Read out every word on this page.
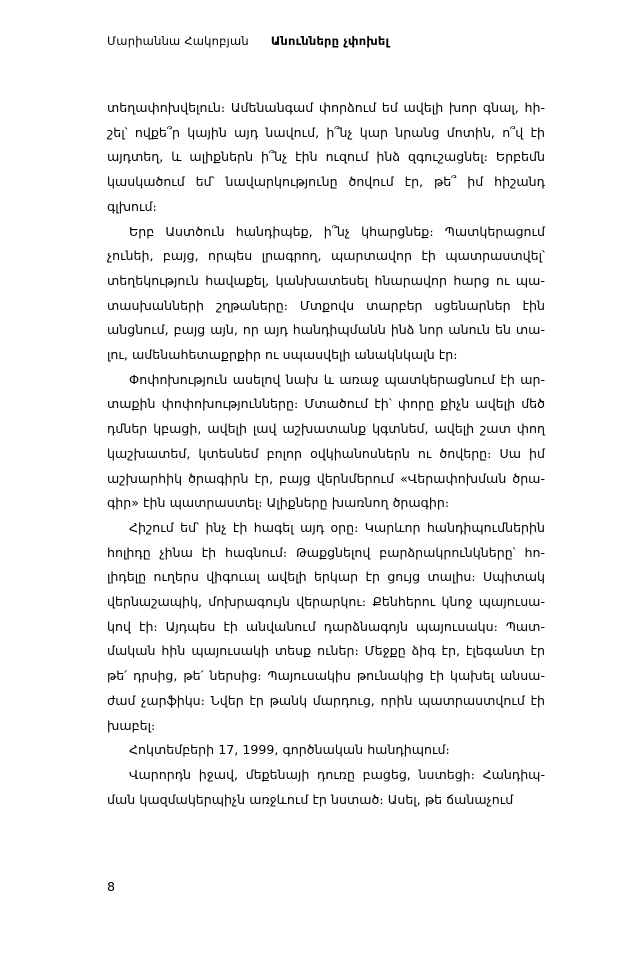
Մարիաննա Հակոբյան Անունները չփոխել

տեղափոխվելուն։ Ամենանգամ փորձում եմ ավելի խոր գնալ, հիշել՝ ովքե՞ր կային այդ նավում, ի՞նչ կար նրանց մոտին, ո՞վ էի այդտեղ, և ալիքներն ի՞նչ էին ուզում ինձ զգուշացնել։ Երբեմն կասկածում եմ՝ նավարկությունը ծովում էր, թե՞ իմ հիշանդ գլխում։

Երբ Աստծուն հանդիպեք, ի՞նչ կհարցնեք։ Պատկերացում չունեի, բայց, որպես լրագրող, պարտավոր էի պատրաստվել՝ տեղեկություն հավաքել, կանխատեսել հնարավոր հարց ու պատասխանների շղթաները։ Մտքովս տարբեր սցենարներ էին անցնում, բայց այն, որ այդ հանդիպմանն ինձ նոր անուն են տալու, ամենահետաքրքիր ու սպասվելի անակնկալն էր։

Փոփոխություն ասելով նախ և առաջ պատկերացնում էի արտաքին փոփոխությունները։ Մտածում էի՝ փորը քիչն ավելի մեծ դմներ կբացի, ավելի լավ աշխատանք կգտնեմ, ավելի շատ փող կաշխատեմ, կտեսնեմ բոլոր օվկիանոսներն ու ծովերը։ Սա իմ աշխարհիկ ծրագիրն էր, բայց վերնմերում «Վերափոխման ծրագիր» էին պատրաստել։ Ալիքները խառնող ծրագիր։

Հիշում եմ՝ ինչ էի հագել այդ օրը։ Կարևոր հանդիպումներին հոլիդը չինա էի հագնում։ Թաքցնելով բարձրակրունկները՝ հոլիդելը ուղերս վիգուալ ավելի երկար էր ցույց տալիս։ Սպիտակ վերնաշապիկ, մոխրագույն վերարկու։ Քենհերու կնոջ պայուսակով էի։ Այդպես էի անվանում դարձնագոյն պայուսակս։ Պատմական հին պայուսակի տեսք ուներ։ Մեջքը ձիգ էր, էլեգանտ էր թե՛ դրսից, թե՛ ներսից։ Պայուսակիս թունակից էի կախել անսաժամ չարֆիկս։ Նվեր էր թանկ մարդուց, որին պատրաստվում էի խաբել։

Հոկտեմբերի 17, 1999, գործնական հանդիպում։

Վարորդն իջավ, մեքենայի դուռը բացեց, նստեցի։ Հանդիպման կազմակերպիչն առջևում էր նստած։ Ասել, թե ճանաչում

8
